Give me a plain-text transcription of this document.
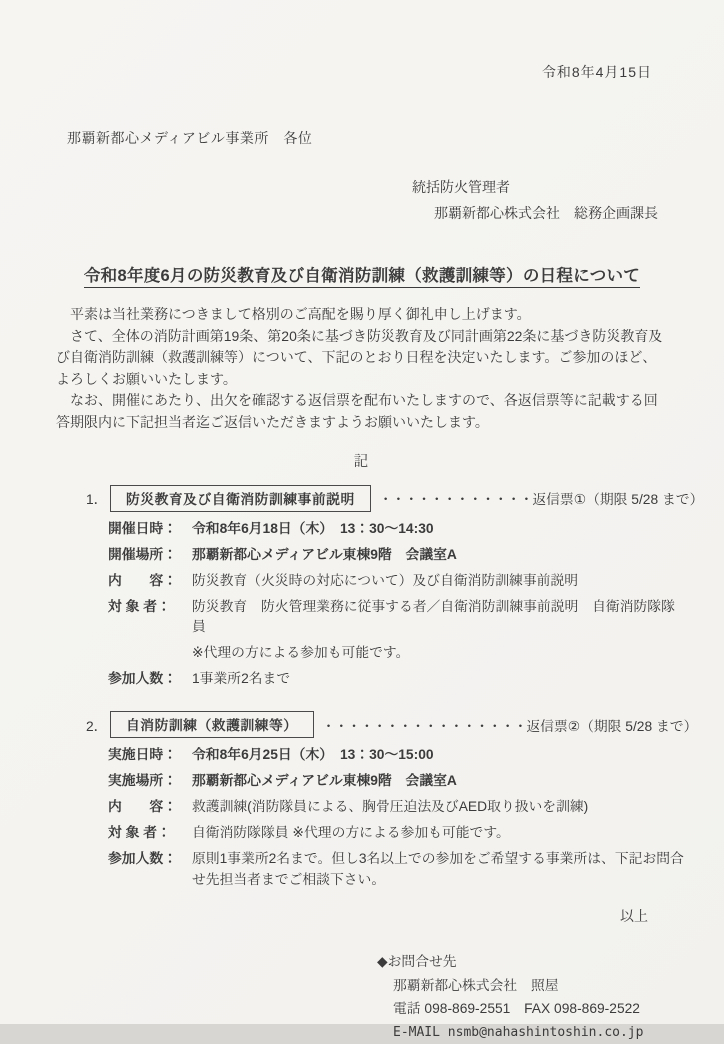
令和8年4月15日
那覇新都心メディアビル事業所　各位
統括防火管理者
那覇新都心株式会社　総務企画課長
令和8年度6月の防災教育及び自衛消防訓練（救護訓練等）の日程について

平素は当社業務につきまして格別のご高配を賜り厚く御礼申し上げます。

さて、全体の消防計画第19条、第20条に基づき防災教育及び同計画第22条に基づき防災教育及び自衛消防訓練（救護訓練等）について、下記のとおり日程を決定いたします。ご参加のほど、よろしくお願いいたします。

なお、開催にあたり、出欠を確認する返信票を配布いたしますので、各返信票等に記載する回答期限内に下記担当者迄ご返信いただきますようお願いいたします。

記
1．	防災教育及び自衛消防訓練事前説明	・・・・・・・・・・・・ 返信票①（期限 5/28 まで）
開催日時：	令和8年6月18日（木）　13：30～14:30
開催場所：	那覇新都心メディアビル東棟9階　会議室A
内　　容：	防災教育（火災時の対応について）及び自衛消防訓練事前説明
対 象 者：	防災教育　防火管理業務に従事する者／自衛消防訓練事前説明　自衛消防隊隊員
※代理の方による参加も可能です。
参加人数：	1事業所2名まで
2．	自消防訓練（救護訓練等）	・・・・・・・・・・・・・・・・ 返信票②（期限 5/28 まで）
実施日時：	令和8年6月25日（木）　13：30～15:00
実施場所：	那覇新都心メディアビル東棟9階　会議室A
内　　容：	救護訓練(消防隊員による、胸骨圧迫法及びAED取り扱いを訓練)
対 象 者：	自衛消防隊隊員 ※代理の方による参加も可能です。
参加人数：	原則1事業所2名まで。但し3名以上での参加をご希望する事業所は、下記お問合せ先担当者までご相談下さい。
以上
◆お問合せ先
那覇新都心株式会社　照屋
電話 098-869-2551　FAX 098-869-2522
E-MAIL nsmb@nahashintoshin.co.jp
